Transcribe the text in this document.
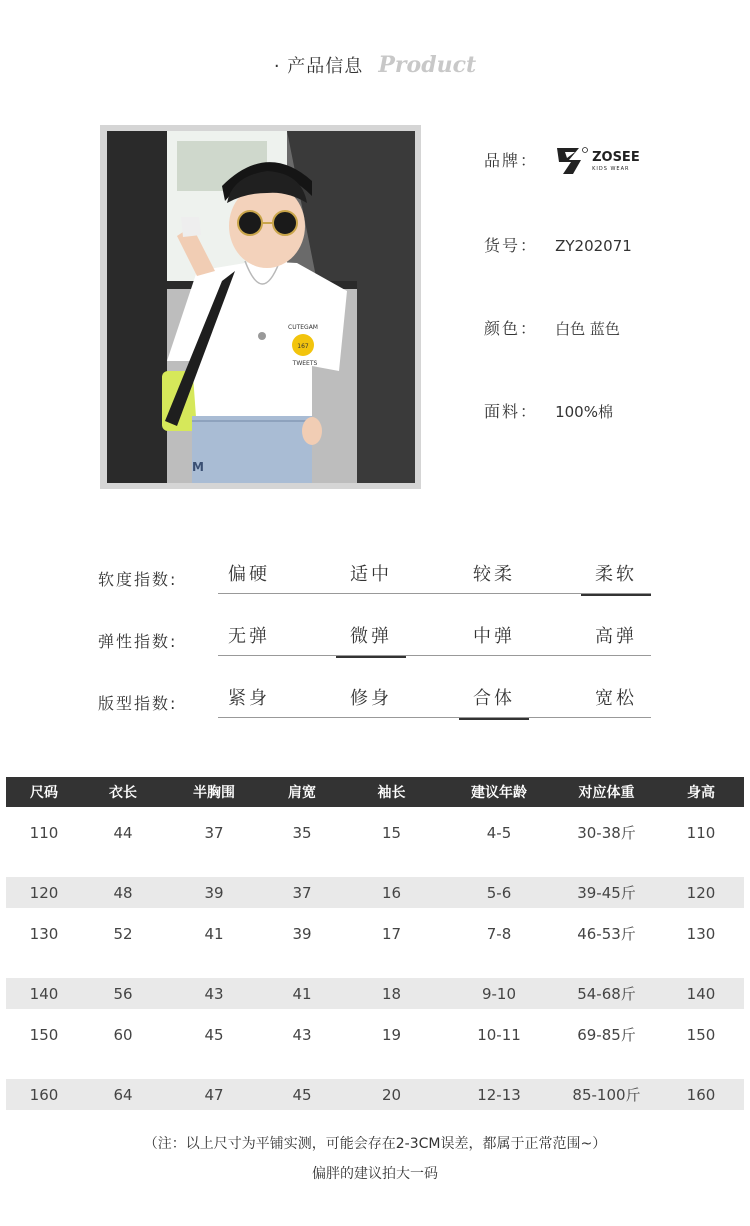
· 产品信息 Product
167
CUTEGAM
TWEETS
M
品牌：	ZOSEE
KIDS WEAR
货号： ZY202071
颜色： 白色 蓝色
面料： 100%棉
软度指数:	偏硬	适中	较柔	柔软
弹性指数:	无弹	微弹	中弹	高弹
版型指数:	紧身	修身	合体	宽松
尺码	衣长	半胸围	肩宽	袖长	建议年龄	对应体重	身高
110	44	37	35	15	4-5	30-38斤	110

120	48	39	37	16	5-6	39-45斤	120
130	52	41	39	17	7-8	46-53斤	130

140	56	43	41	18	9-10	54-68斤	140
150	60	45	43	19	10-11	69-85斤	150

160	64	47	45	20	12-13	85-100斤	160
（注：以上尺寸为平铺实测，可能会存在2-3CM误差，都属于正常范围~）
偏胖的建议拍大一码
